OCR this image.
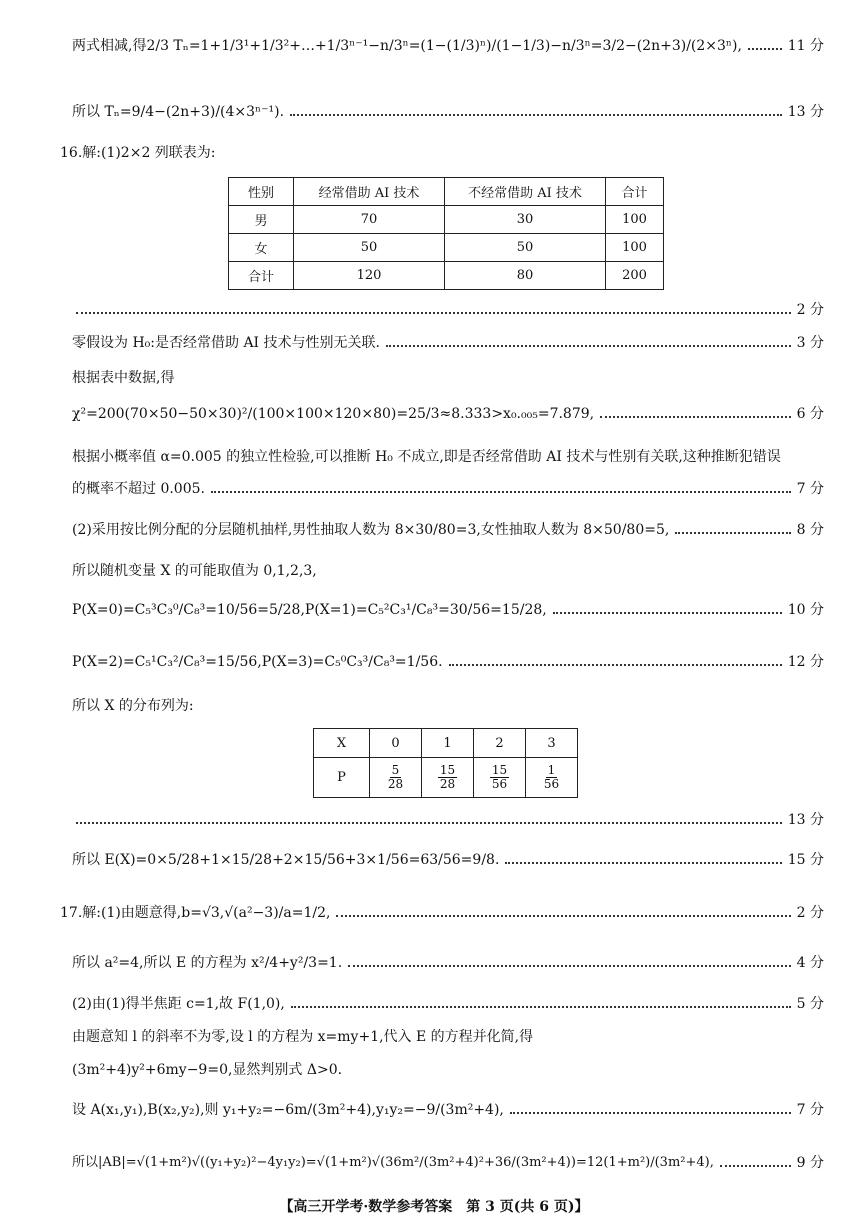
两式相减,得2/3 Tₙ=1+1/3¹+1/3²+…+1/3ⁿ⁻¹−n/3ⁿ=(1−(1/3)ⁿ)/(1−1/3)−n/3ⁿ=3/2−(2n+3)/(2×3ⁿ),	11 分
所以 Tₙ=9/4−(2n+3)/(4×3ⁿ⁻¹).	13 分
16.解:(1)2×2 列联表为:
性别	经常借助 AI 技术	不经常借助 AI 技术	合计
男	70	30	100
女	50	50	100
合计	120	80	200
2 分
零假设为 H₀:是否经常借助 AI 技术与性别无关联.	3 分
根据表中数据,得
χ²=200(70×50−50×30)²/(100×100×120×80)=25/3≈8.333>x₀.₀₀₅=7.879,	6 分
根据小概率值 α=0.005 的独立性检验,可以推断 H₀ 不成立,即是否经常借助 AI 技术与性别有关联,这种推断犯错误
的概率不超过 0.005.	7 分
(2)采用按比例分配的分层随机抽样,男性抽取人数为 8×30/80=3,女性抽取人数为 8×50/80=5,	8 分
所以随机变量 X 的可能取值为 0,1,2,3,
P(X=0)=C₅³C₃⁰/C₈³=10/56=5/28,P(X=1)=C₅²C₃¹/C₈³=30/56=15/28,	10 分
P(X=2)=C₅¹C₃²/C₈³=15/56,P(X=3)=C₅⁰C₃³/C₈³=1/56.	12 分
所以 X 的分布列为:
X	0	1	2	3
P	$\frac{5}{28}$	$\frac{15}{28}$	$\frac{15}{56}$	$\frac{1}{56}$
13 分
所以 E(X)=0×5/28+1×15/28+2×15/56+3×1/56=63/56=9/8.	15 分
17.解:(1)由题意得,b=√3,√(a²−3)/a=1/2,	2 分
所以 a²=4,所以 E 的方程为 x²/4+y²/3=1.	4 分
(2)由(1)得半焦距 c=1,故 F(1,0),	5 分
由题意知 l 的斜率不为零,设 l 的方程为 x=my+1,代入 E 的方程并化简,得
(3m²+4)y²+6my−9=0,显然判别式 Δ>0.
设 A(x₁,y₁),B(x₂,y₂),则 y₁+y₂=−6m/(3m²+4),y₁y₂=−9/(3m²+4),	7 分
所以|AB|=√(1+m²)√((y₁+y₂)²−4y₁y₂)=√(1+m²)√(36m²/(3m²+4)²+36/(3m²+4))=12(1+m²)/(3m²+4),	9 分
【高三开学考·数学参考答案　第 3 页(共 6 页)】
